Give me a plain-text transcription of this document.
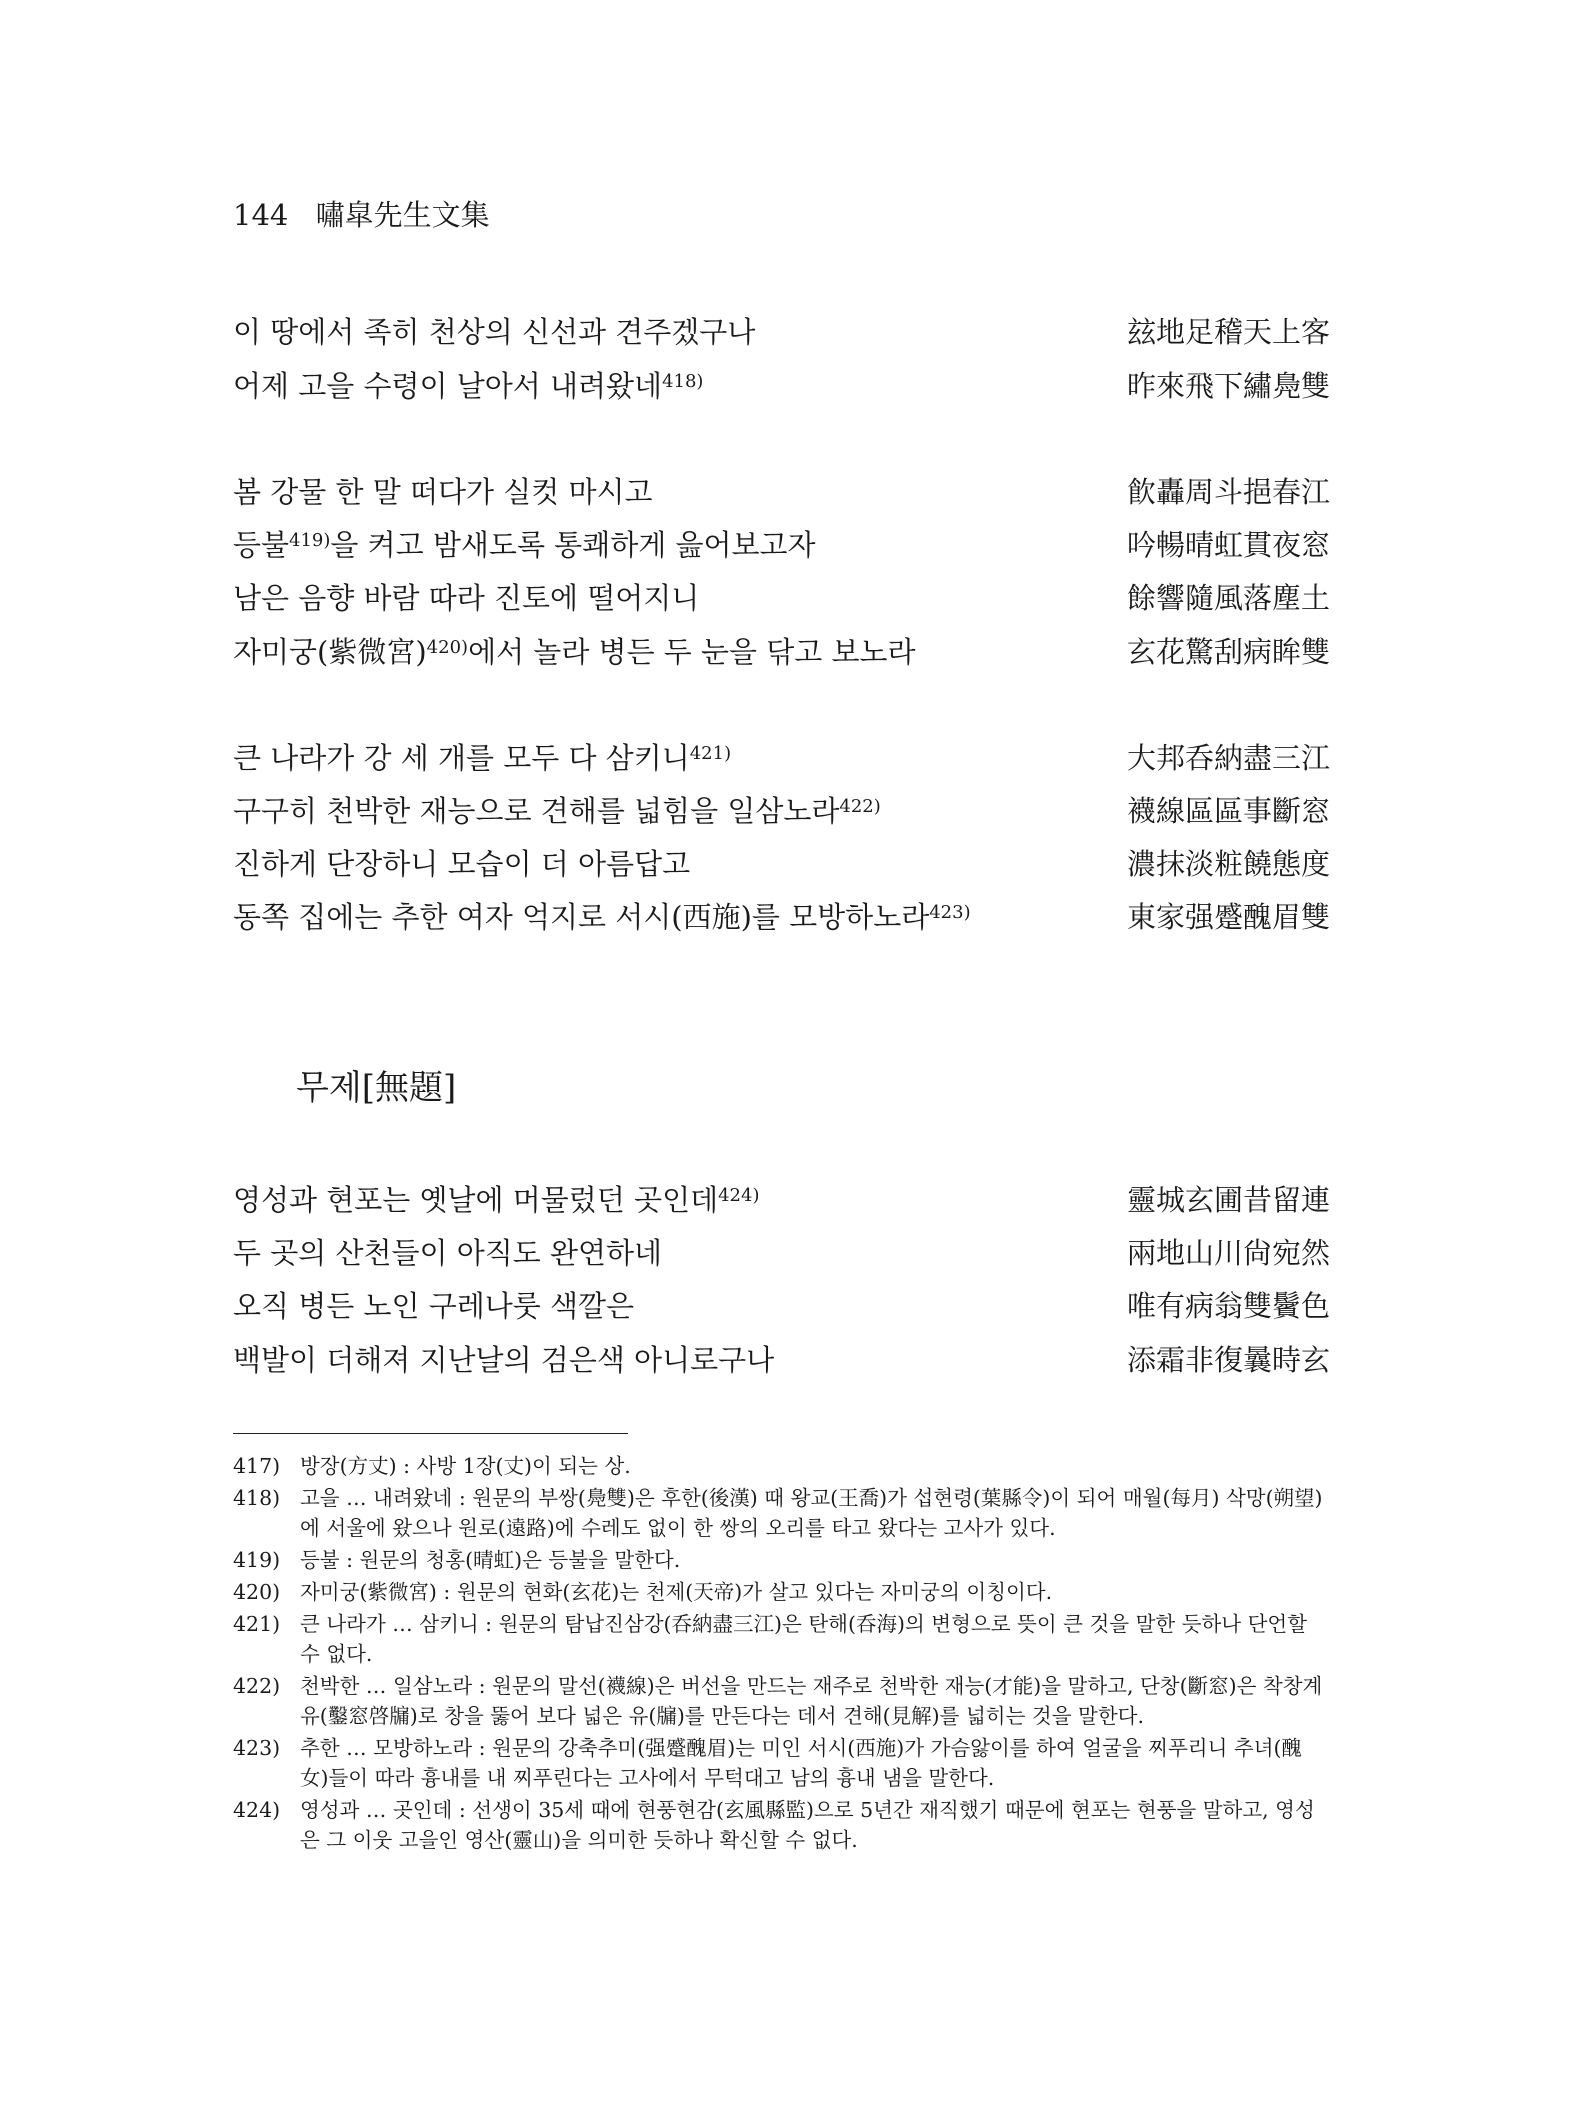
144 嘯皐先生文集
이 땅에서 족히 천상의 신선과 견주겠구나	玆地足稽天上客
어제 고을 수령이 날아서 내려왔네$^{418)}$	昨來飛下繡鳧雙
봄 강물 한 말 떠다가 실컷 마시고	飮轟周斗挹春江
등불$^{419)}$을 켜고 밤새도록 통쾌하게 읊어보고자	吟暢晴虹貫夜窓
남은 음향 바람 따라 진토에 떨어지니	餘響隨風落塵土
자미궁(紫微宮)$^{420)}$에서 놀라 병든 두 눈을 닦고 보노라	玄花驚刮病眸雙
큰 나라가 강 세 개를 모두 다 삼키니$^{421)}$	大邦呑納盡三江
구구히 천박한 재능으로 견해를 넓힘을 일삼노라$^{422)}$	襪線區區事斷窓
진하게 단장하니 모습이 더 아름답고	濃抹淡粧饒態度
동쪽 집에는 추한 여자 억지로 서시(西施)를 모방하노라$^{423)}$	東家强蹙醜眉雙
무제[無題]
영성과 현포는 옛날에 머물렀던 곳인데$^{424)}$	靈城玄圃昔留連
두 곳의 산천들이 아직도 완연하네	兩地山川尙宛然
오직 병든 노인 구레나룻 색깔은	唯有病翁雙鬢色
백발이 더해져 지난날의 검은색 아니로구나	添霜非復曩時玄
417) 방장(方丈) : 사방 1장(丈)이 되는 상.
418) 고을 … 내려왔네 : 원문의 부쌍(鳧雙)은 후한(後漢) 때 왕교(王喬)가 섭현령(葉縣令)이 되어 매월(每月) 삭망(朔望)에 서울에 왔으나 원로(遠路)에 수레도 없이 한 쌍의 오리를 타고 왔다는 고사가 있다.
419) 등불 : 원문의 청홍(晴虹)은 등불을 말한다.
420) 자미궁(紫微宮) : 원문의 현화(玄花)는 천제(天帝)가 살고 있다는 자미궁의 이칭이다.
421) 큰 나라가 … 삼키니 : 원문의 탐납진삼강(呑納盡三江)은 탄해(呑海)의 변형으로 뜻이 큰 것을 말한 듯하나 단언할 수 없다.
422) 천박한 … 일삼노라 : 원문의 말선(襪線)은 버선을 만드는 재주로 천박한 재능(才能)을 말하고, 단창(斷窓)은 착창계유(鑿窓啓牖)로 창을 뚫어 보다 넓은 유(牖)를 만든다는 데서 견해(見解)를 넓히는 것을 말한다.
423) 추한 … 모방하노라 : 원문의 강축추미(强蹙醜眉)는 미인 서시(西施)가 가슴앓이를 하여 얼굴을 찌푸리니 추녀(醜女)들이 따라 흉내를 내 찌푸린다는 고사에서 무턱대고 남의 흉내 냄을 말한다.
424) 영성과 … 곳인데 : 선생이 35세 때에 현풍현감(玄風縣監)으로 5년간 재직했기 때문에 현포는 현풍을 말하고, 영성은 그 이웃 고을인 영산(靈山)을 의미한 듯하나 확신할 수 없다.
